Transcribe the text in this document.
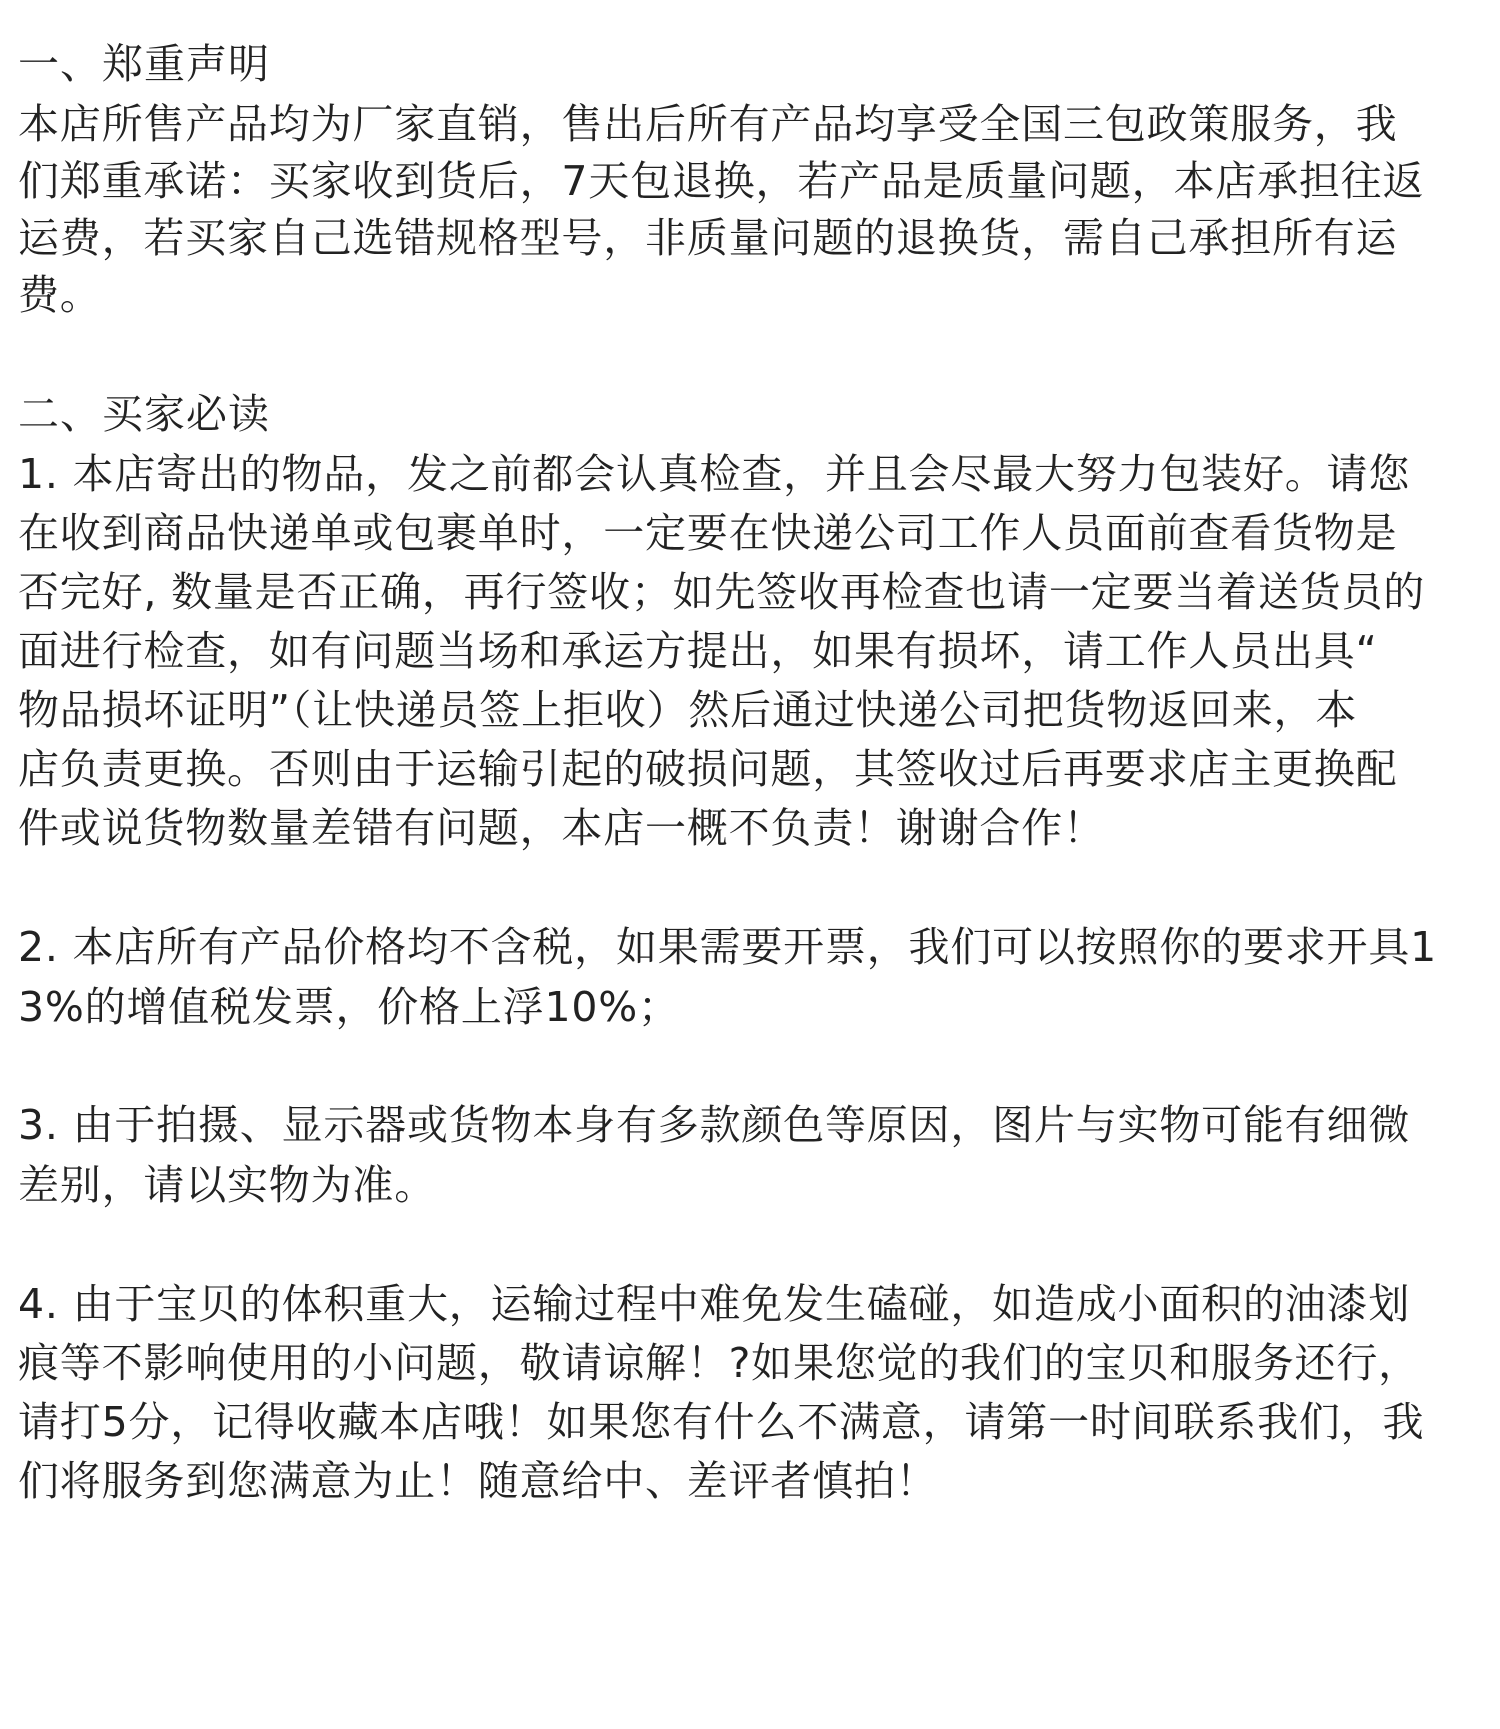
一、郑重声明

本店所售产品均为厂家直销，售出后所有产品均享受全国三包政策服务，我

们郑重承诺：买家收到货后，7天包退换，若产品是质量问题，本店承担往返

运费，若买家自己选错规格型号，非质量问题的退换货，需自己承担所有运

费。

二、买家必读

1. 本店寄出的物品，发之前都会认真检查，并且会尽最大努力包装好。请您

在收到商品快递单或包裹单时，一定要在快递公司工作人员面前查看货物是

否完好, 数量是否正确，再行签收；如先签收再检查也请一定要当着送货员的

面进行检查，如有问题当场和承运方提出，如果有损坏，请工作人员出具“

物品损坏证明”（让快递员签上拒收）然后通过快递公司把货物返回来，本

店负责更换。否则由于运输引起的破损问题，其签收过后再要求店主更换配

件或说货物数量差错有问题，本店一概不负责！谢谢合作！

2. 本店所有产品价格均不含税，如果需要开票，我们可以按照你的要求开具1

3%的增值税发票，价格上浮10%；

3. 由于拍摄、显示器或货物本身有多款颜色等原因，图片与实物可能有细微

差别，请以实物为准。

4. 由于宝贝的体积重大，运输过程中难免发生磕碰，如造成小面积的油漆划

痕等不影响使用的小问题，敬请谅解！?如果您觉的我们的宝贝和服务还行，

请打5分，记得收藏本店哦！如果您有什么不满意，请第一时间联系我们，我

们将服务到您满意为止！随意给中、差评者慎拍！
